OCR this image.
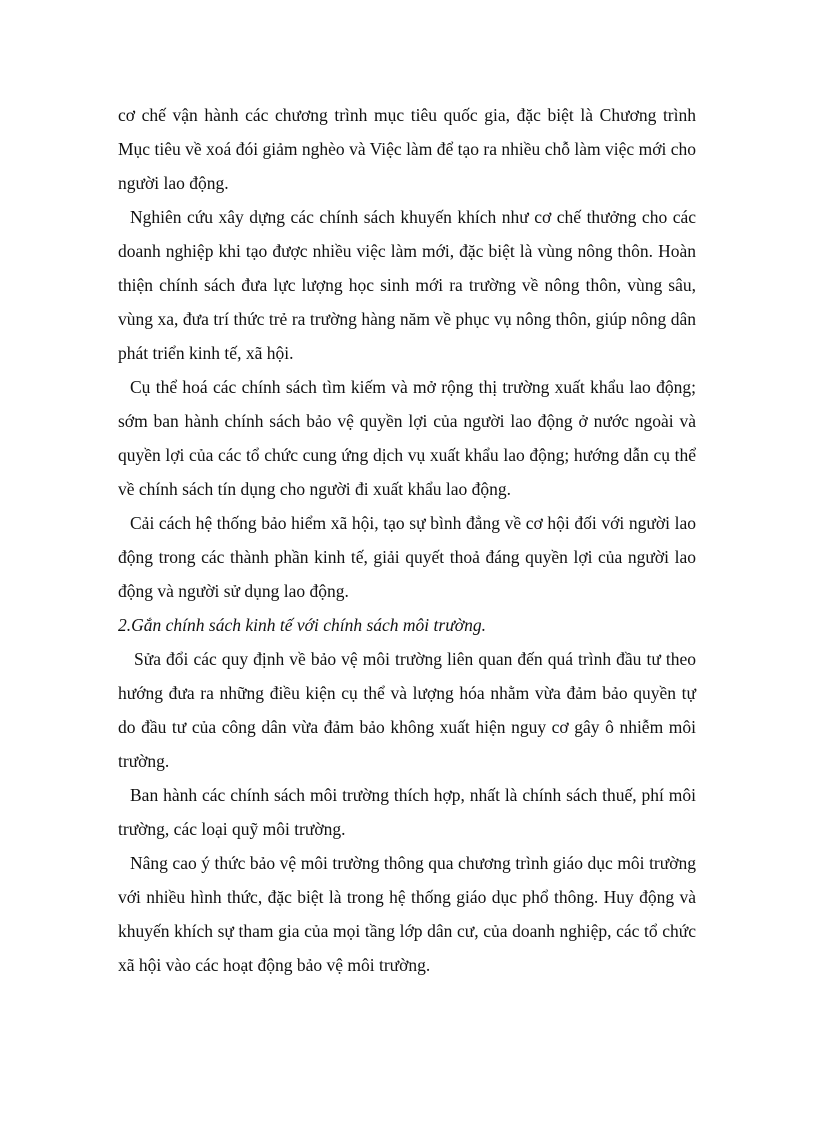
cơ chế vận hành các chương trình mục tiêu quốc gia, đặc biệt là Chương trình Mục tiêu về xoá đói giảm nghèo và Việc làm để tạo ra nhiều chỗ làm việc mới cho người lao động.

Nghiên cứu xây dựng các chính sách khuyến khích như cơ chế thưởng cho các doanh nghiệp khi tạo được nhiều việc làm mới, đặc biệt là vùng nông thôn. Hoàn thiện chính sách đưa lực lượng học sinh mới ra trường về nông thôn, vùng sâu, vùng xa, đưa trí thức trẻ ra trường hàng năm về phục vụ nông thôn, giúp nông dân phát triển kinh tế, xã hội.

Cụ thể hoá các chính sách tìm kiếm và mở rộng thị trường xuất khẩu lao động; sớm ban hành chính sách bảo vệ quyền lợi của người lao động ở nước ngoài và quyền lợi của các tổ chức cung ứng dịch vụ xuất khẩu lao động; hướng dẫn cụ thể về chính sách tín dụng cho người đi xuất khẩu lao động.

Cải cách hệ thống bảo hiểm xã hội, tạo sự bình đẳng về cơ hội đối với người lao động trong các thành phần kinh tế, giải quyết thoả đáng quyền lợi của người lao động và người sử dụng lao động.

2.Gắn chính sách kinh tế với chính sách môi trường.

Sửa đổi các quy định về bảo vệ môi trường liên quan đến quá trình đầu tư theo hướng đưa ra những điều kiện cụ thể và lượng hóa nhằm vừa đảm bảo quyền tự do đầu tư của công dân vừa đảm bảo không xuất hiện nguy cơ gây ô nhiễm môi trường.

Ban hành các chính sách môi trường thích hợp, nhất là chính sách thuế, phí môi trường, các loại quỹ môi trường.

Nâng cao ý thức bảo vệ môi trường thông qua chương trình giáo dục môi trường với nhiều hình thức, đặc biệt là trong hệ thống giáo dục phổ thông. Huy động và khuyến khích sự tham gia của mọi tầng lớp dân cư, của doanh nghiệp, các tổ chức xã hội vào các hoạt động bảo vệ môi trường.
